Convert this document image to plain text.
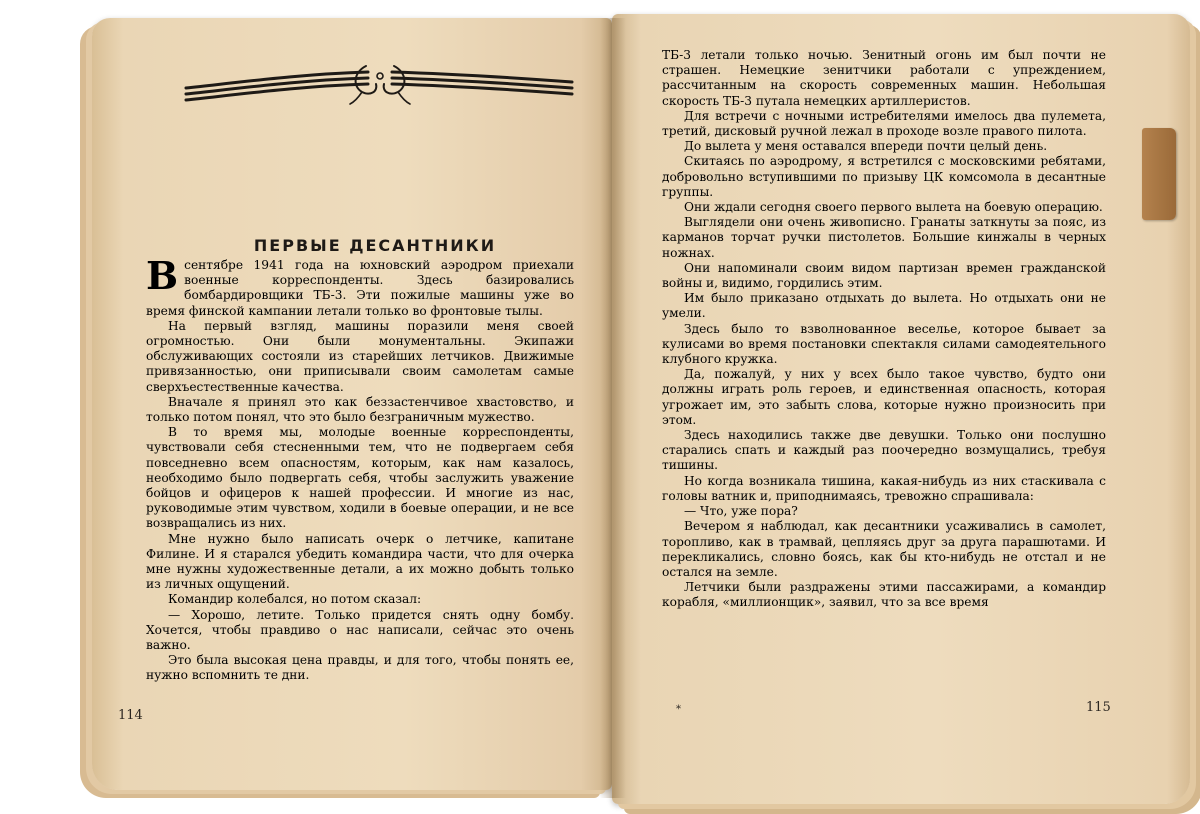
ПЕРВЫЕ ДЕСАНТНИКИ

В сентябре 1941 года на юхновский аэродром приехали военные корреспонденты. Здесь базировались бомбардировщики ТБ-3. Эти пожилые машины уже во время финской кампании летали только во фронтовые тылы.

На первый взгляд, машины поразили меня своей огромностью. Они были монументальны. Экипажи обслуживающих состояли из старейших летчиков. Движимые привязанностью, они приписывали своим самолетам самые сверхъестественные качества.

Вначале я принял это как беззастенчивое хвастовство, и только потом понял, что это было безграничным мужество.

В то время мы, молодые военные корреспонденты, чувствовали себя стесненными тем, что не подвергаем себя повседневно всем опасностям, которым, как нам казалось, необходимо было подвергать себя, чтобы заслужить уважение бойцов и офицеров к нашей профессии. И многие из нас, руководимые этим чувством, ходили в боевые операции, и не все возвращались из них.

Мне нужно было написать очерк о летчике, капитане Филине. И я старался убедить командира части, что для очерка мне нужны художественные детали, а их можно добыть только из личных ощущений.

Командир колебался, но потом сказал:

— Хорошо, летите. Только придется снять одну бомбу. Хочется, чтобы правдиво о нас написали, сейчас это очень важно.

Это была высокая цена правды, и для того, чтобы понять ее, нужно вспомнить те дни.

114

ТБ-3 летали только ночью. Зенитный огонь им был почти не страшен. Немецкие зенитчики работали с упреждением, рассчитанным на скорость современных машин. Небольшая скорость ТБ-3 путала немецких артиллеристов.

Для встречи с ночными истребителями имелось два пулемета, третий, дисковый ручной лежал в проходе возле правого пилота.

До вылета у меня оставался впереди почти целый день.

Скитаясь по аэродрому, я встретился с московскими ребятами, добровольно вступившими по призыву ЦК комсомола в десантные группы.

Они ждали сегодня своего первого вылета на боевую операцию.

Выглядели они очень живописно. Гранаты заткнуты за пояс, из карманов торчат ручки пистолетов. Большие кинжалы в черных ножнах.

Они напоминали своим видом партизан времен гражданской войны и, видимо, гордились этим.

Им было приказано отдыхать до вылета. Но отдыхать они не умели.

Здесь было то взволнованное веселье, которое бывает за кулисами во время постановки спектакля силами самодеятельного клубного кружка.

Да, пожалуй, у них у всех было такое чувство, будто они должны играть роль героев, и единственная опасность, которая угрожает им, это забыть слова, которые нужно произносить при этом.

Здесь находились также две девушки. Только они послушно старались спать и каждый раз поочередно возмущались, требуя тишины.

Но когда возникала тишина, какая-нибудь из них стаскивала с головы ватник и, приподнимаясь, тревожно спрашивала:

— Что, уже пора?

Вечером я наблюдал, как десантники усаживались в самолет, торопливо, как в трамвай, цепляясь друг за друга парашютами. И перекликались, словно боясь, как бы кто-нибудь не отстал и не остался на земле.

Летчики были раздражены этими пассажирами, а командир корабля, «миллионщик», заявил, что за все время

*	115
